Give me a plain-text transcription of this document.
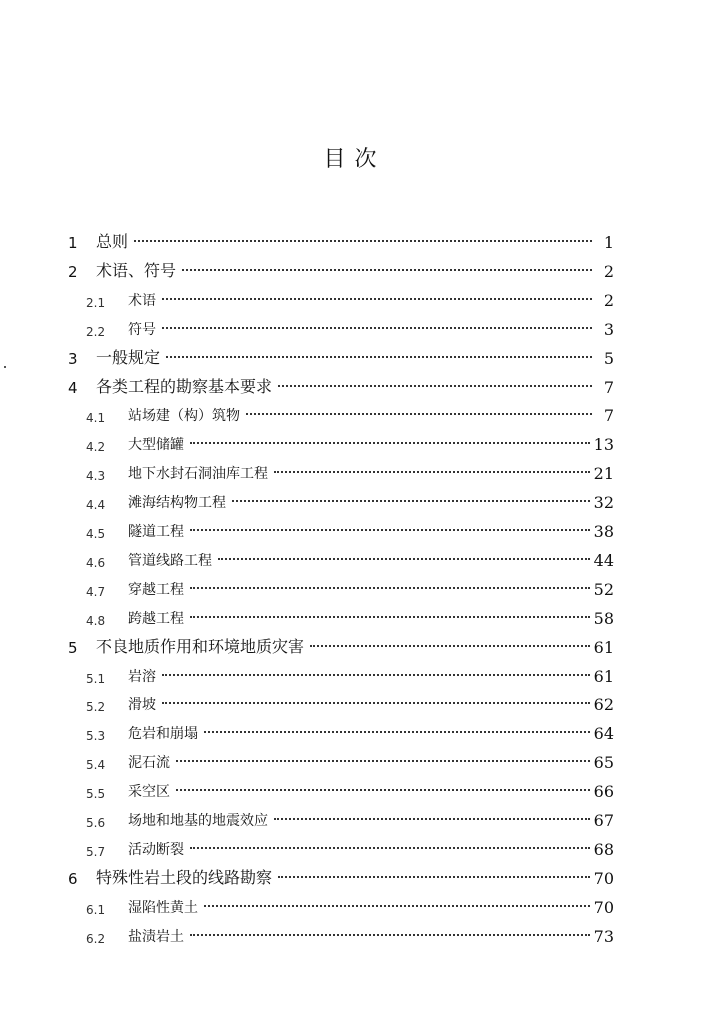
目 次
1	总则	1
2	术语、符号	2
2.1	术语	2
2.2	符号	3
3	一般规定	5
4	各类工程的勘察基本要求	7
4.1	站场建（构）筑物	7
4.2	大型储罐	13
4.3	地下水封石洞油库工程	21
4.4	滩海结构物工程	32
4.5	隧道工程	38
4.6	管道线路工程	44
4.7	穿越工程	52
4.8	跨越工程	58
5	不良地质作用和环境地质灾害	61
5.1	岩溶	61
5.2	滑坡	62
5.3	危岩和崩塌	64
5.4	泥石流	65
5.5	采空区	66
5.6	场地和地基的地震效应	67
5.7	活动断裂	68
6	特殊性岩土段的线路勘察	70
6.1	湿陷性黄土	70
6.2	盐渍岩土	73
